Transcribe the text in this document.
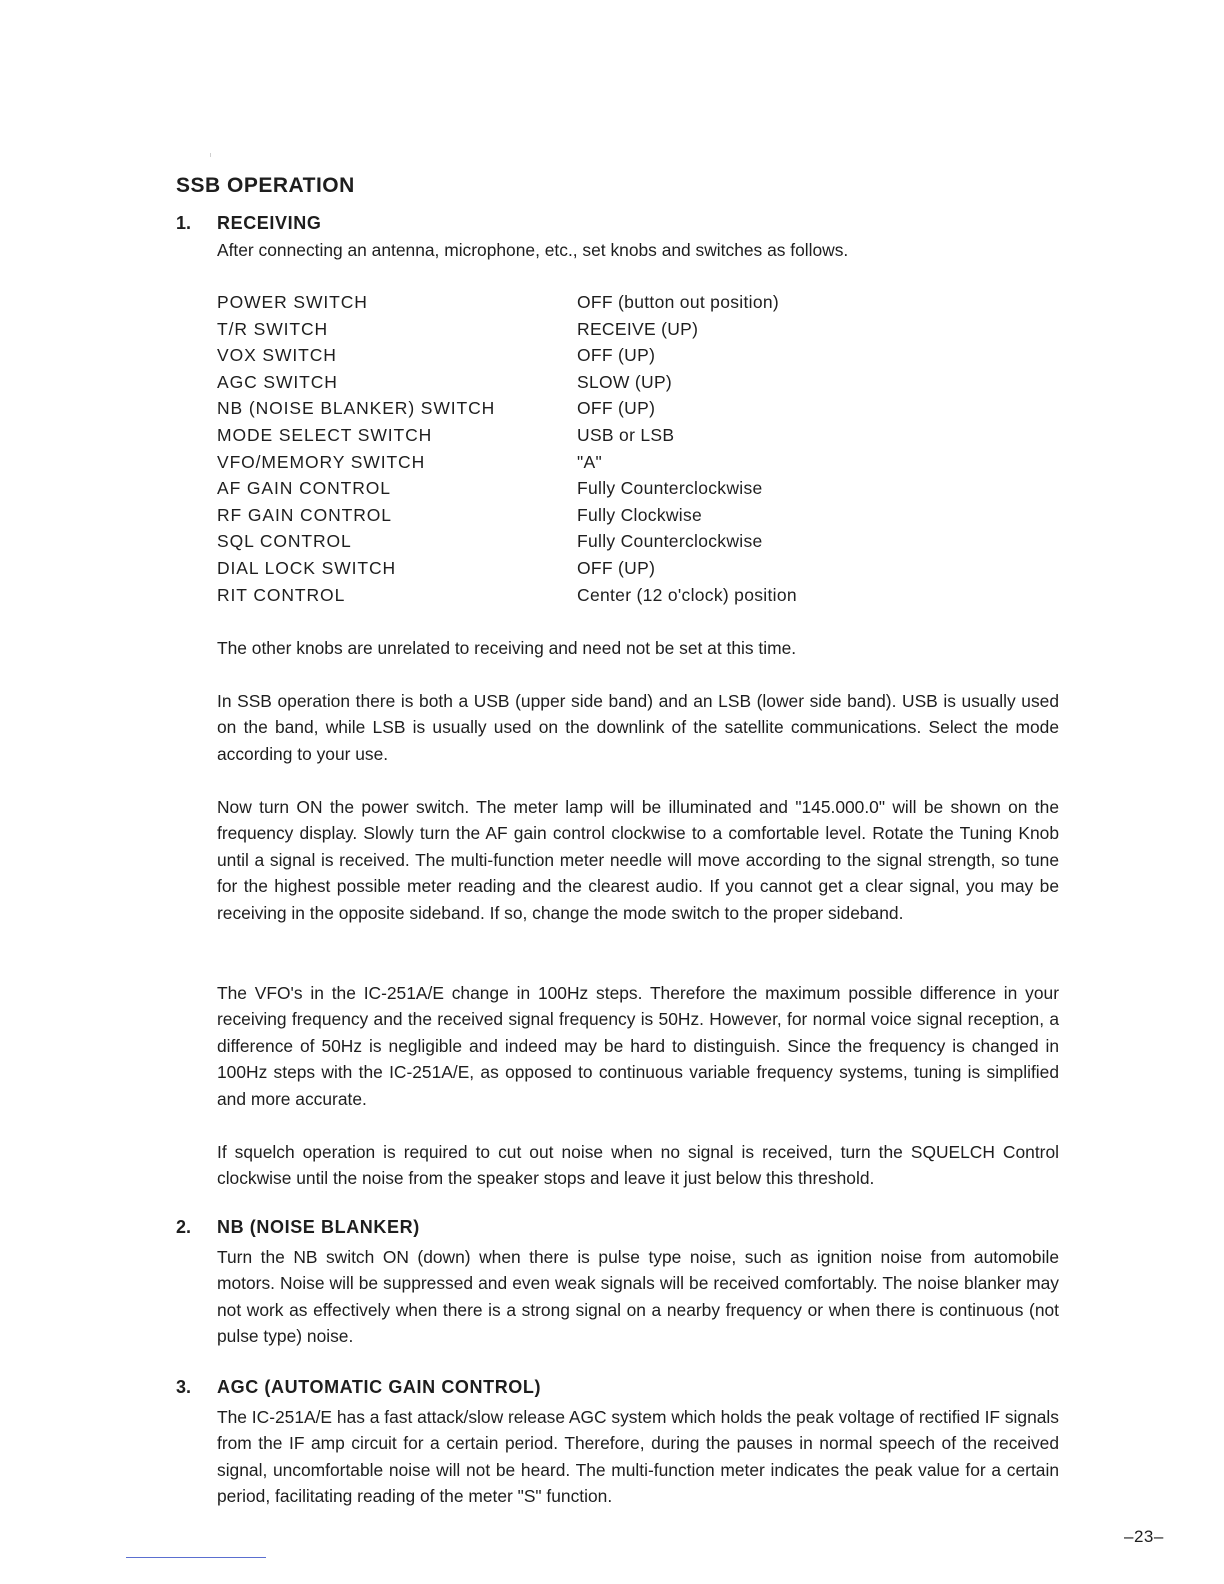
SSB OPERATION
1. RECEIVING
After connecting an antenna, microphone, etc., set knobs and switches as follows.
POWER SWITCH	OFF (button out position)
T/R SWITCH	RECEIVE (UP)
VOX SWITCH	OFF (UP)
AGC SWITCH	SLOW (UP)
NB (NOISE BLANKER) SWITCH	OFF (UP)
MODE SELECT SWITCH	USB or LSB
VFO/MEMORY SWITCH	"A"
AF GAIN CONTROL	Fully Counterclockwise
RF GAIN CONTROL	Fully Clockwise
SQL CONTROL	Fully Counterclockwise
DIAL LOCK SWITCH	OFF (UP)
RIT CONTROL	Center (12 o'clock) position
The other knobs are unrelated to receiving and need not be set at this time.
In SSB operation there is both a USB (upper side band) and an LSB (lower side band). USB is usually used on the band, while LSB is usually used on the downlink of the satellite communications. Select the mode according to your use.
Now turn ON the power switch. The meter lamp will be illuminated and "145.000.0" will be shown on the frequency display. Slowly turn the AF gain control clockwise to a comfortable level. Rotate the Tuning Knob until a signal is received. The multi-function meter needle will move according to the signal strength, so tune for the highest possible meter reading and the clearest audio. If you cannot get a clear signal, you may be receiving in the opposite sideband. If so, change the mode switch to the proper sideband.
The VFO's in the IC-251A/E change in 100Hz steps. Therefore the maximum possible difference in your receiving frequency and the received signal frequency is 50Hz. However, for normal voice signal reception, a difference of 50Hz is negligible and indeed may be hard to distinguish. Since the frequency is changed in 100Hz steps with the IC-251A/E, as opposed to continuous variable frequency systems, tuning is simplified and more accurate.
If squelch operation is required to cut out noise when no signal is received, turn the SQUELCH Control clockwise until the noise from the speaker stops and leave it just below this threshold.
2. NB (NOISE BLANKER)
Turn the NB switch ON (down) when there is pulse type noise, such as ignition noise from automobile motors. Noise will be suppressed and even weak signals will be received comfortably. The noise blanker may not work as effectively when there is a strong signal on a nearby frequency or when there is continuous (not pulse type) noise.
3. AGC (AUTOMATIC GAIN CONTROL)
The IC-251A/E has a fast attack/slow release AGC system which holds the peak voltage of rectified IF signals from the IF amp circuit for a certain period. Therefore, during the pauses in normal speech of the received signal, uncomfortable noise will not be heard. The multi-function meter indicates the peak value for a certain period, facilitating reading of the meter "S" function.
–23–
